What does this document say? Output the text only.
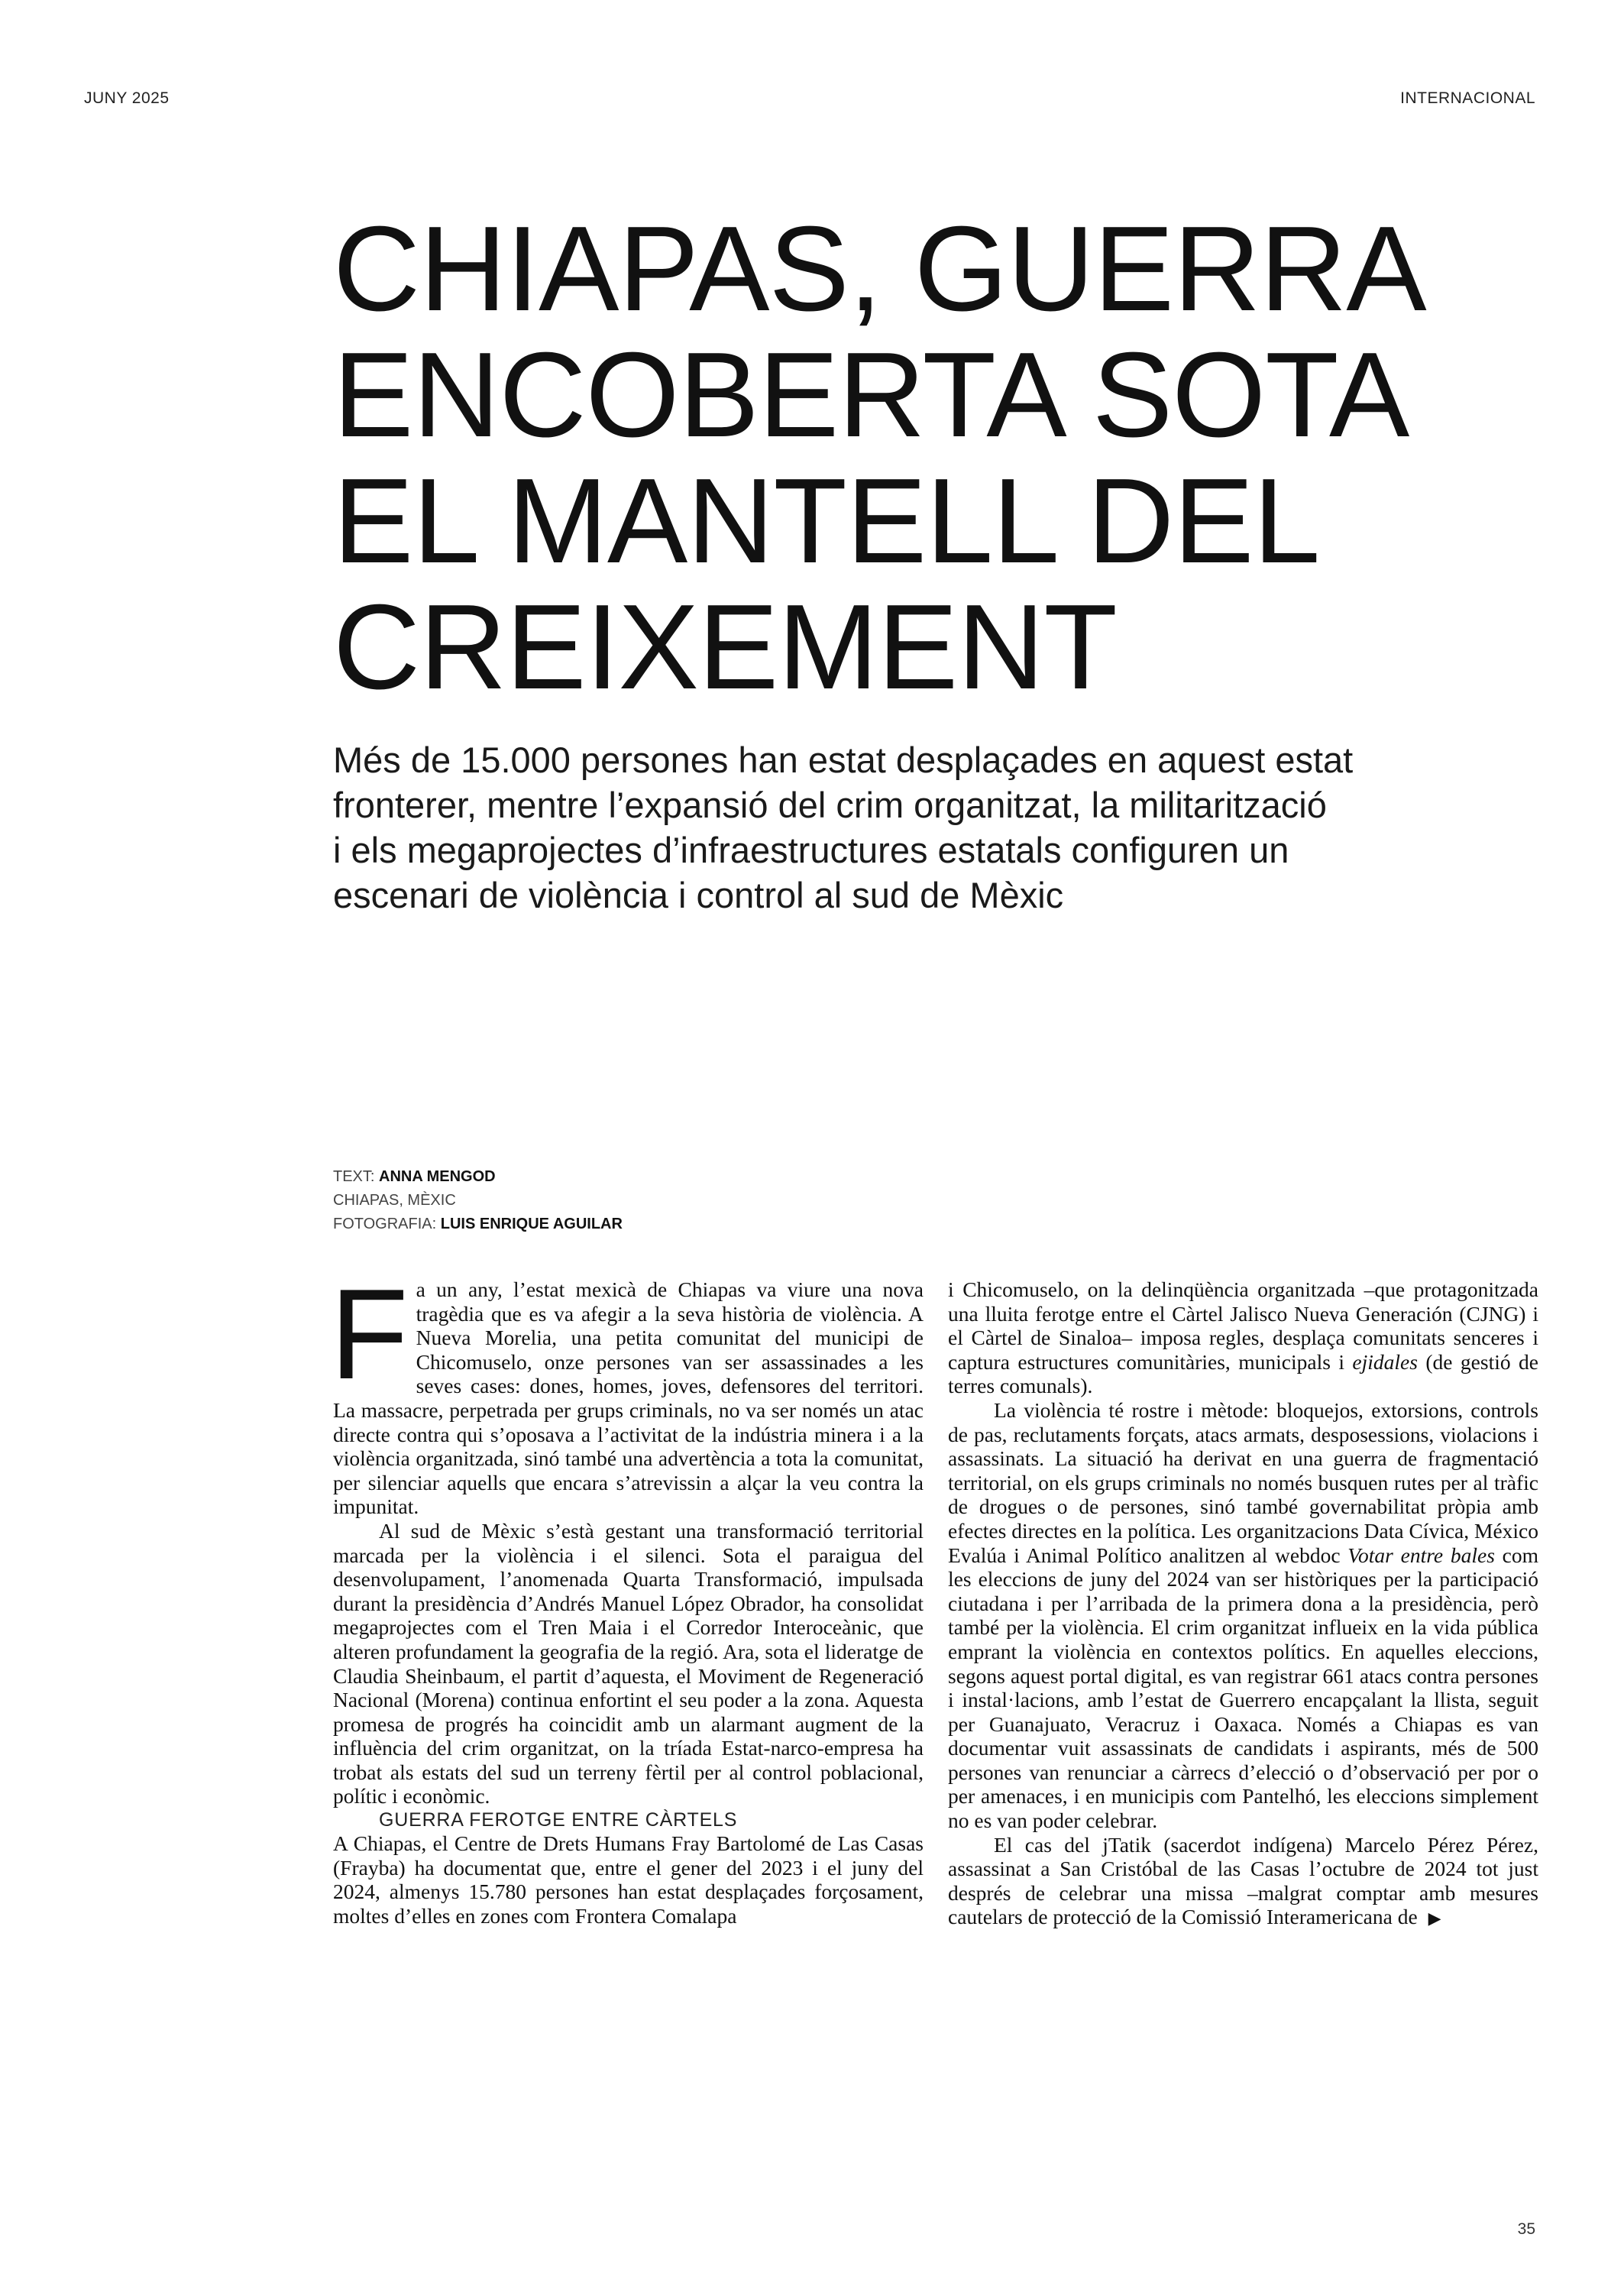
JUNY 2025	INTERNACIONAL
CHIAPAS, GUERRA
ENCOBERTA SOTA
EL MANTELL DEL
CREIXEMENT

Més de 15.000 persones han estat desplaçades en aquest estat
fronterer, mentre l’expansió del crim organitzat, la militarització
i els megaprojectes d’infraestructures estatals configuren un
escenari de violència i control al sud de Mèxic

TEXT: ANNA MENGOD
CHIAPAS, MÈXIC
FOTOGRAFIA: LUIS ENRIQUE AGUILAR

Fa un any, l’estat mexicà de Chiapas va viure una nova tragèdia que es va afegir a la seva història de violència. A Nueva Morelia, una petita comunitat del municipi de Chicomuselo, onze persones van ser assassinades a les seves cases: dones, homes, joves, defensores del territori. La massacre, perpetrada per grups criminals, no va ser només un atac directe contra qui s’oposava a l’activitat de la indústria minera i a la violència organitzada, sinó també una advertència a tota la comunitat, per silenciar aquells que encara s’atrevissin a alçar la veu contra la impunitat.

Al sud de Mèxic s’està gestant una transformació territorial marcada per la violència i el silenci. Sota el paraigua del desenvolupament, l’anomenada Quarta Transformació, impulsada durant la presidència d’Andrés Manuel López Obrador, ha consolidat megaprojectes com el Tren Maia i el Corredor Interoceànic, que alteren profundament la geografia de la regió. Ara, sota el lideratge de Claudia Sheinbaum, el partit d’aquesta, el Moviment de Regeneració Nacional (Morena) continua enfortint el seu poder a la zona. Aquesta promesa de progrés ha coincidit amb un alarmant augment de la influència del crim organitzat, on la tríada Estat-narco-empresa ha trobat als estats del sud un terreny fèrtil per al control poblacional, polític i econòmic.

GUERRA FEROTGE ENTRE CÀRTELS

A Chiapas, el Centre de Drets Humans Fray Bartolomé de Las Casas (Frayba) ha documentat que, entre el gener del 2023 i el juny del 2024, almenys 15.780 persones han estat desplaçades forçosament, moltes d’elles en zones com Frontera Comalapa

i Chicomuselo, on la delinqüència organitzada –que protagonitzada una lluita ferotge entre el Càrtel Jalisco Nueva Generación (CJNG) i el Càrtel de Sinaloa– imposa regles, desplaça comunitats senceres i captura estructures comunitàries, municipals i ejidales (de gestió de terres comunals).

La violència té rostre i mètode: bloquejos, extorsions, controls de pas, reclutaments forçats, atacs armats, desposessions, violacions i assassinats. La situació ha derivat en una guerra de fragmentació territorial, on els grups criminals no només busquen rutes per al tràfic de drogues o de persones, sinó també governabilitat pròpia amb efectes directes en la política. Les organitzacions Data Cívica, México Evalúa i Animal Político analitzen al webdoc Votar entre bales com les eleccions de juny del 2024 van ser històriques per la participació ciutadana i per l’arribada de la primera dona a la presidència, però també per la violència. El crim organitzat influeix en la vida pública emprant la violència en contextos polítics. En aquelles eleccions, segons aquest portal digital, es van registrar 661 atacs contra persones i instal·lacions, amb l’estat de Guerrero encapçalant la llista, seguit per Guanajuato, Veracruz i Oaxaca. Només a Chiapas es van documentar vuit assassinats de candidats i aspirants, més de 500 persones van renunciar a càrrecs d’elecció o d’observació per por o per amenaces, i en municipis com Pantelhó, les eleccions simplement no es van poder celebrar.

El cas del jTatik (sacerdot indígena) Marcelo Pérez Pérez, assassinat a San Cristóbal de las Casas l’octubre de 2024 tot just després de celebrar una missa –malgrat comptar amb mesures cautelars de protecció de la Comissió Interamericana de ▶

35
